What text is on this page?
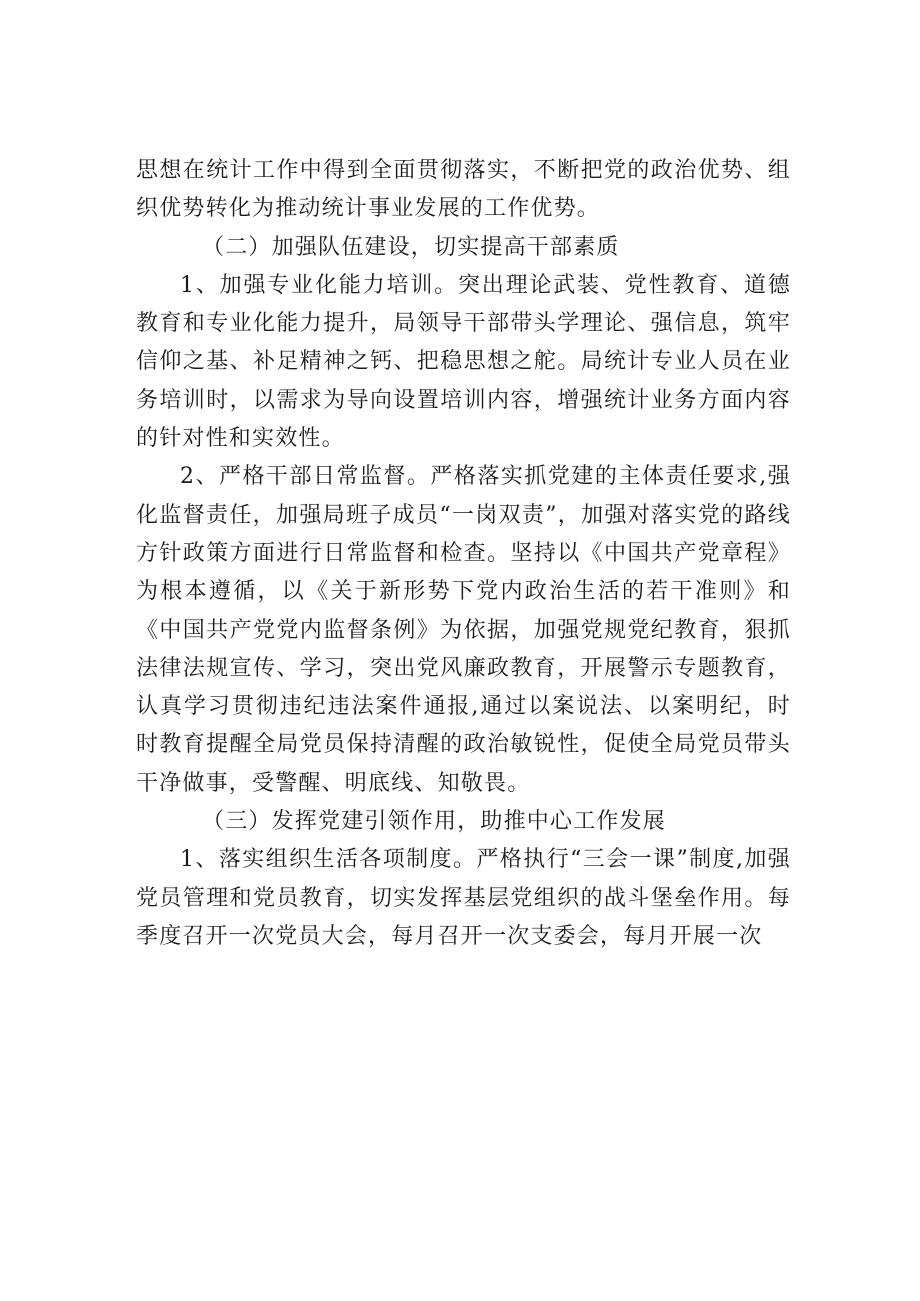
思想在统计工作中得到全面贯彻落实，不断把党的政治优势、组织优势转化为推动统计事业发展的工作优势。

（二）加强队伍建设，切实提高干部素质

1、加强专业化能力培训。突出理论武装、党性教育、道德教育和专业化能力提升，局领导干部带头学理论、强信息，筑牢信仰之基、补足精神之钙、把稳思想之舵。局统计专业人员在业务培训时，以需求为导向设置培训内容，增强统计业务方面内容的针对性和实效性。

2、严格干部日常监督。严格落实抓党建的主体责任要求,强化监督责任，加强局班子成员“一岗双责”，加强对落实党的路线方针政策方面进行日常监督和检查。坚持以《中国共产党章程》为根本遵循，以《关于新形势下党内政治生活的若干准则》和《中国共产党党内监督条例》为依据，加强党规党纪教育，狠抓法律法规宣传、学习，突出党风廉政教育，开展警示专题教育，认真学习贯彻违纪违法案件通报,通过以案说法、以案明纪，时时教育提醒全局党员保持清醒的政治敏锐性，促使全局党员带头干净做事，受警醒、明底线、知敬畏。

（三）发挥党建引领作用，助推中心工作发展

1、落实组织生活各项制度。严格执行“三会一课”制度,加强党员管理和党员教育，切实发挥基层党组织的战斗堡垒作用。每季度召开一次党员大会，每月召开一次支委会，每月开展一次
